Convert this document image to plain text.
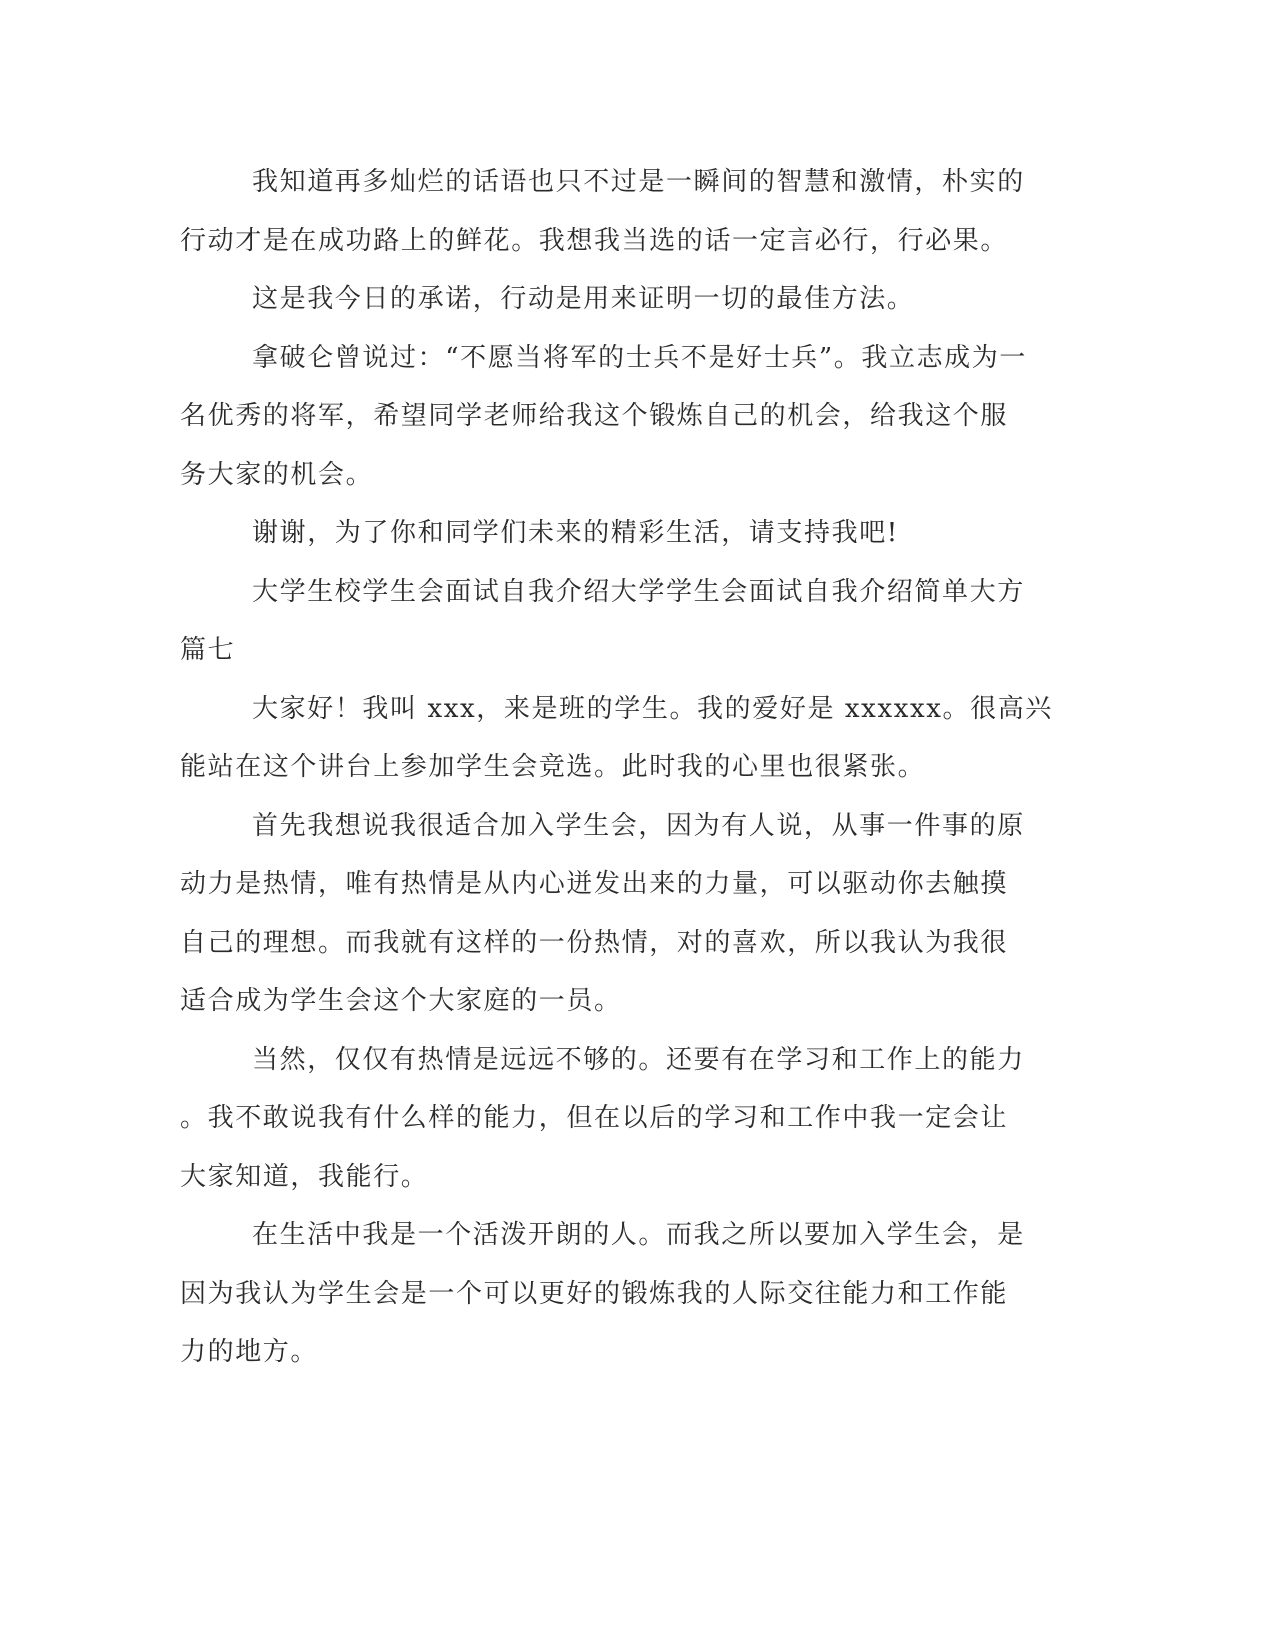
我知道再多灿烂的话语也只不过是一瞬间的智慧和激情，朴实的
行动才是在成功路上的鲜花。我想我当选的话一定言必行，行必果。

这是我今日的承诺，行动是用来证明一切的最佳方法。

拿破仑曾说过：“不愿当将军的士兵不是好士兵”。我立志成为一
名优秀的将军，希望同学老师给我这个锻炼自己的机会，给我这个服
务大家的机会。

谢谢，为了你和同学们未来的精彩生活，请支持我吧!

大学生校学生会面试自我介绍大学学生会面试自我介绍简单大方
篇七

大家好！我叫 xxx，来是班的学生。我的爱好是 xxxxxx。很高兴
能站在这个讲台上参加学生会竞选。此时我的心里也很紧张。

首先我想说我很适合加入学生会，因为有人说，从事一件事的原
动力是热情，唯有热情是从内心迸发出来的力量，可以驱动你去触摸
自己的理想。而我就有这样的一份热情，对的喜欢，所以我认为我很
适合成为学生会这个大家庭的一员。

当然，仅仅有热情是远远不够的。还要有在学习和工作上的能力
。我不敢说我有什么样的能力，但在以后的学习和工作中我一定会让
大家知道，我能行。

在生活中我是一个活泼开朗的人。而我之所以要加入学生会，是
因为我认为学生会是一个可以更好的锻炼我的人际交往能力和工作能
力的地方。
